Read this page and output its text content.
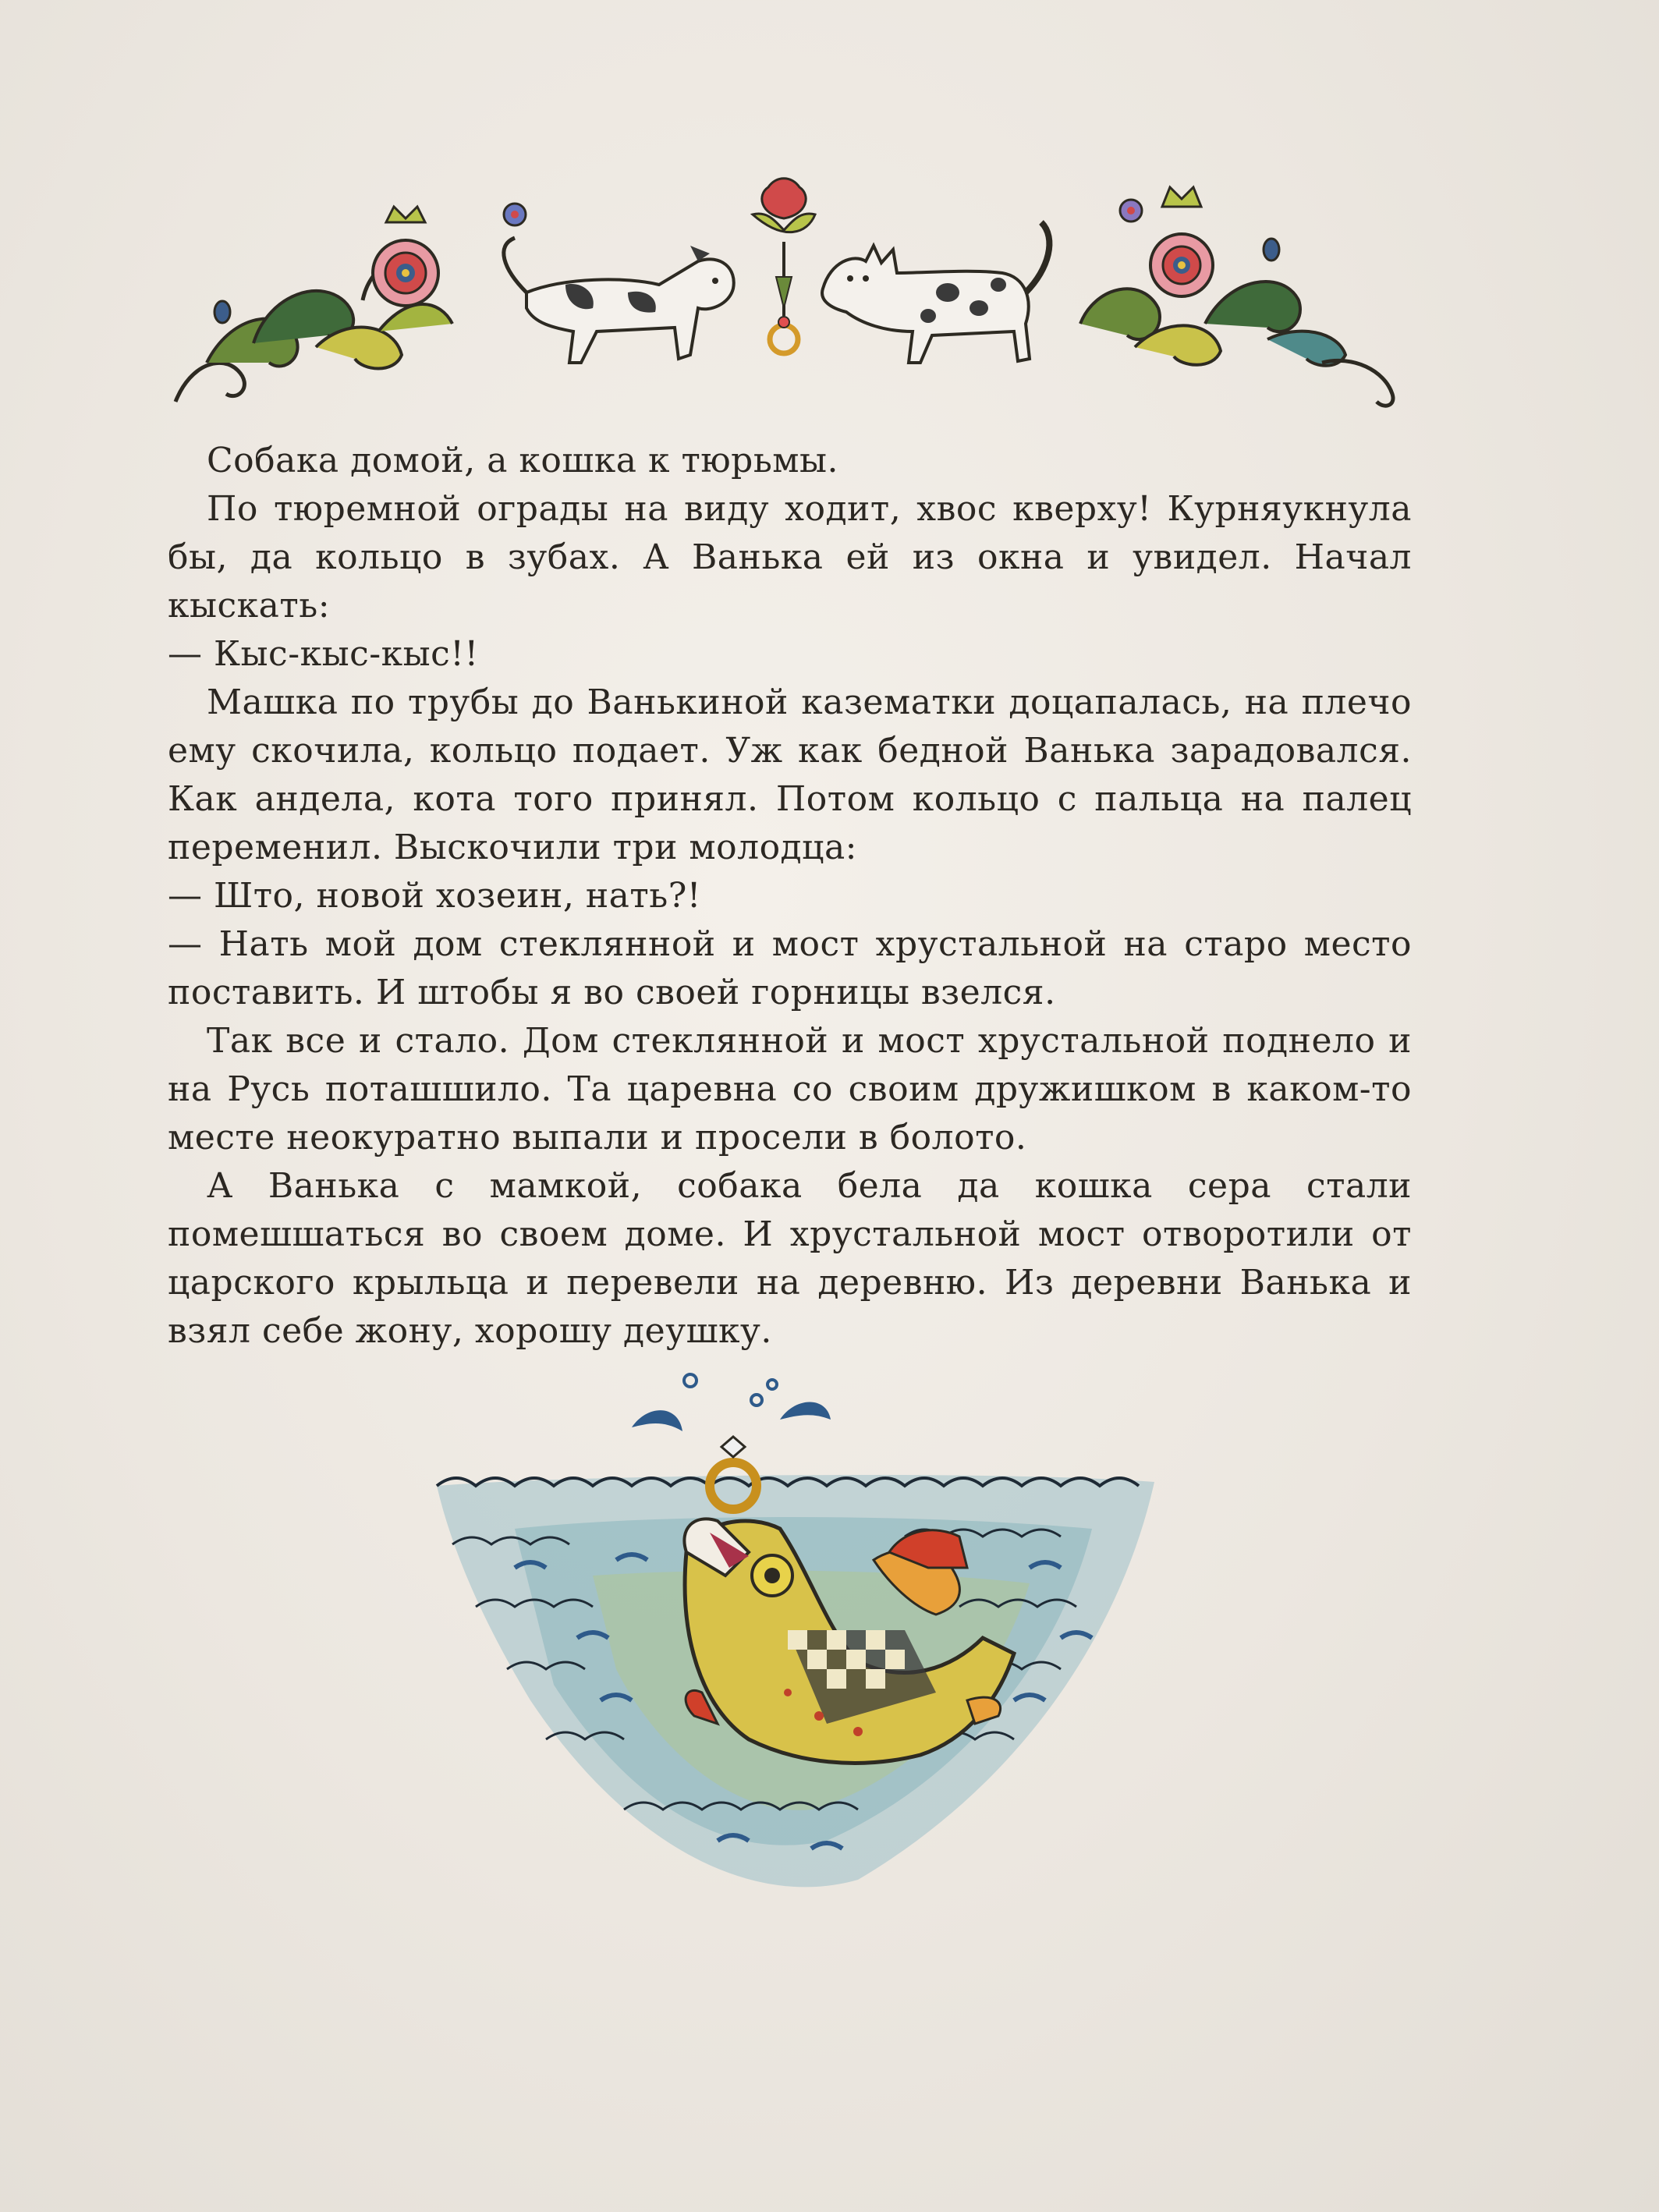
Собака домой, а кошка к тюрьмы.

По тюремной ограды на виду ходит, хвос кверху! Курняукнула бы, да кольцо в зубах. А Ванька ей из окна и увидел. Начал кыскать:

— Кыс-кыс-кыс!!

Машка по трубы до Ванькиной казематки доцапалась, на плечо ему скочила, кольцо подает. Уж как бедной Ванька зарадовался. Как андела, кота того принял. Потом кольцо с пальца на палец переменил. Выскочили три молодца:

— Што, новой хозеин, нать?!

— Нать мой дом стеклянной и мост хрустальной на старо место поставить. И штобы я во своей горницы взелся.

Так все и стало. Дом стеклянной и мост хрустальной поднело и на Русь поташшило. Та царевна со своим дружишком в каком-то месте неокуратно выпали и просели в болото.

А Ванька с мамкой, собака бела да кошка сера стали помешшаться во своем доме. И хрустальной мост отворотили от царского крыльца и перевели на деревню. Из деревни Ванька и взял себе жону, хорошу деушку.
